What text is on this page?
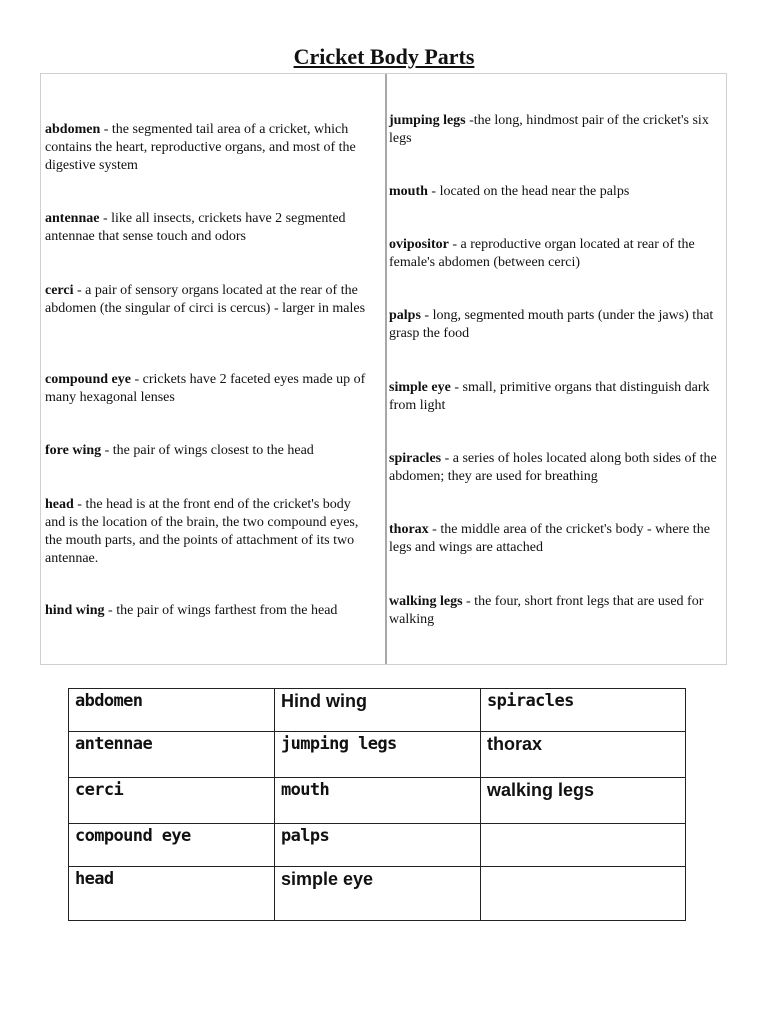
Cricket Body Parts
abdomen - the segmented tail area of a cricket, which contains the heart, reproductive organs, and most of the digestive system
antennae - like all insects, crickets have 2 segmented antennae that sense touch and odors
cerci - a pair of sensory organs located at the rear of the abdomen (the singular of circi is cercus) - larger in males
compound eye - crickets have 2 faceted eyes made up of many hexagonal lenses
fore wing - the pair of wings closest to the head
head - the head is at the front end of the cricket's body and is the location of the brain, the two compound eyes, the mouth parts, and the points of attachment of its two antennae.
hind wing - the pair of wings farthest from the head
jumping legs -the long, hindmost pair of the cricket's six legs
mouth - located on the head near the palps
ovipositor - a reproductive organ located at rear of the female's abdomen (between cerci)
palps - long, segmented mouth parts (under the jaws) that grasp the food
simple eye - small, primitive organs that distinguish dark from light
spiracles - a series of holes located along both sides of the abdomen; they are used for breathing
thorax - the middle area of the cricket's body - where the legs and wings are attached
walking legs - the four, short front legs that are used for walking
abdomen	Hind wing	spiracles
antennae	jumping legs	thorax
cerci	mouth	walking legs
compound eye	palps	
head	simple eye	
